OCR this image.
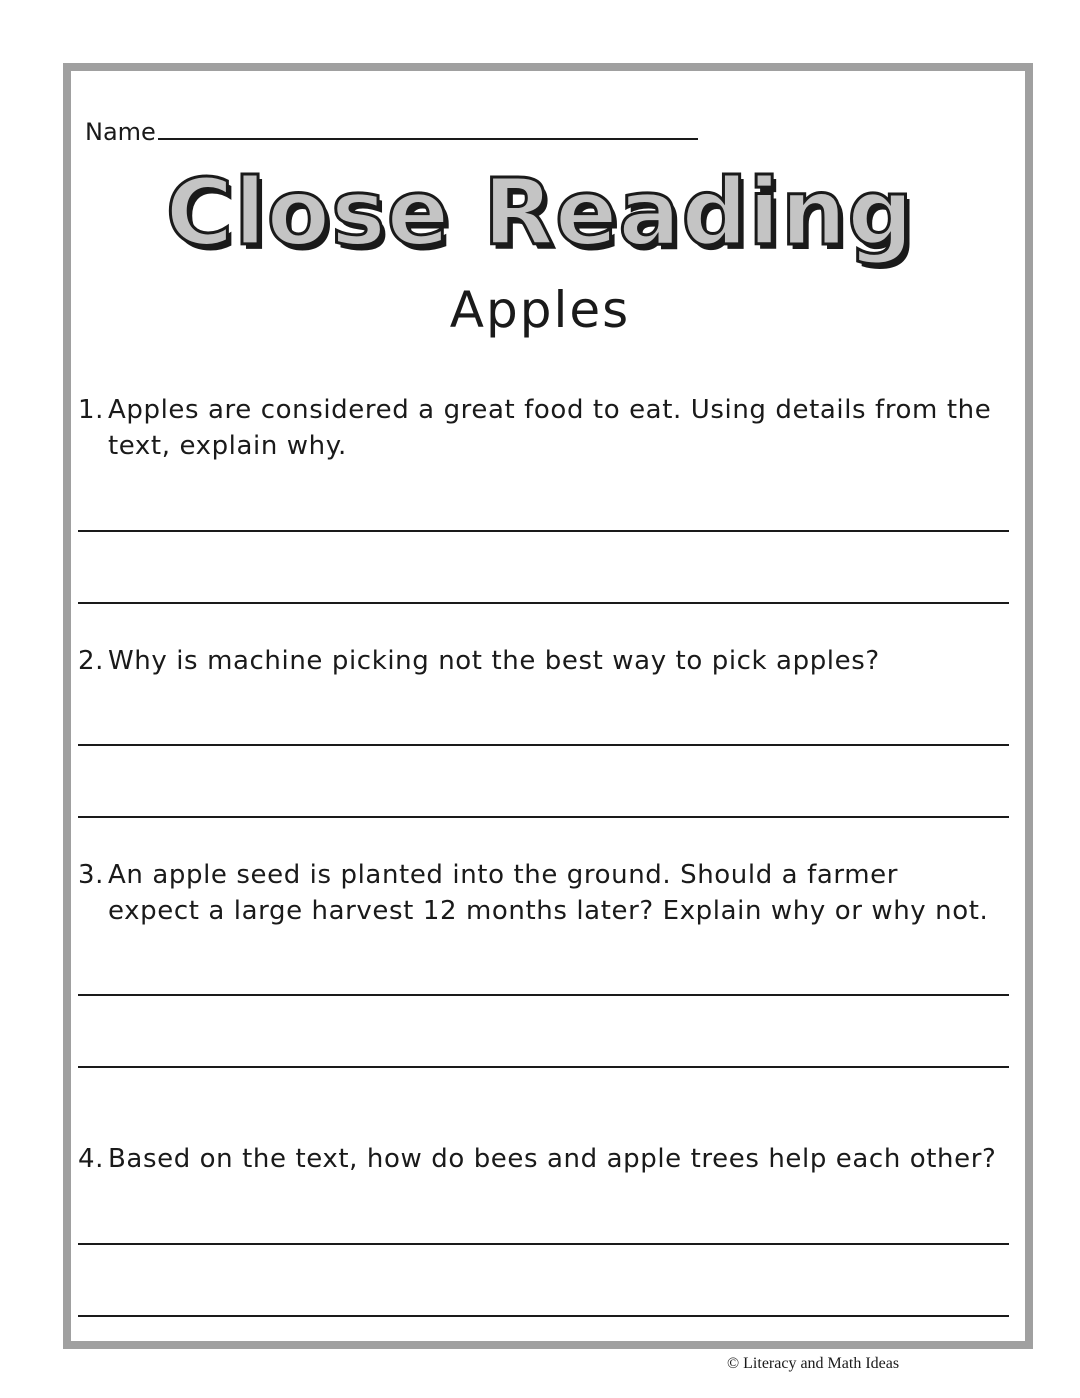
Name
Close Reading
Apples
1. Apples are considered a great food to eat. Using details from the text, explain why.
2. Why is machine picking not the best way to pick apples?
3. An apple seed is planted into the ground. Should a farmer expect a large harvest 12 months later? Explain why or why not.
4. Based on the text, how do bees and apple trees help each other?
© Literacy and Math Ideas
